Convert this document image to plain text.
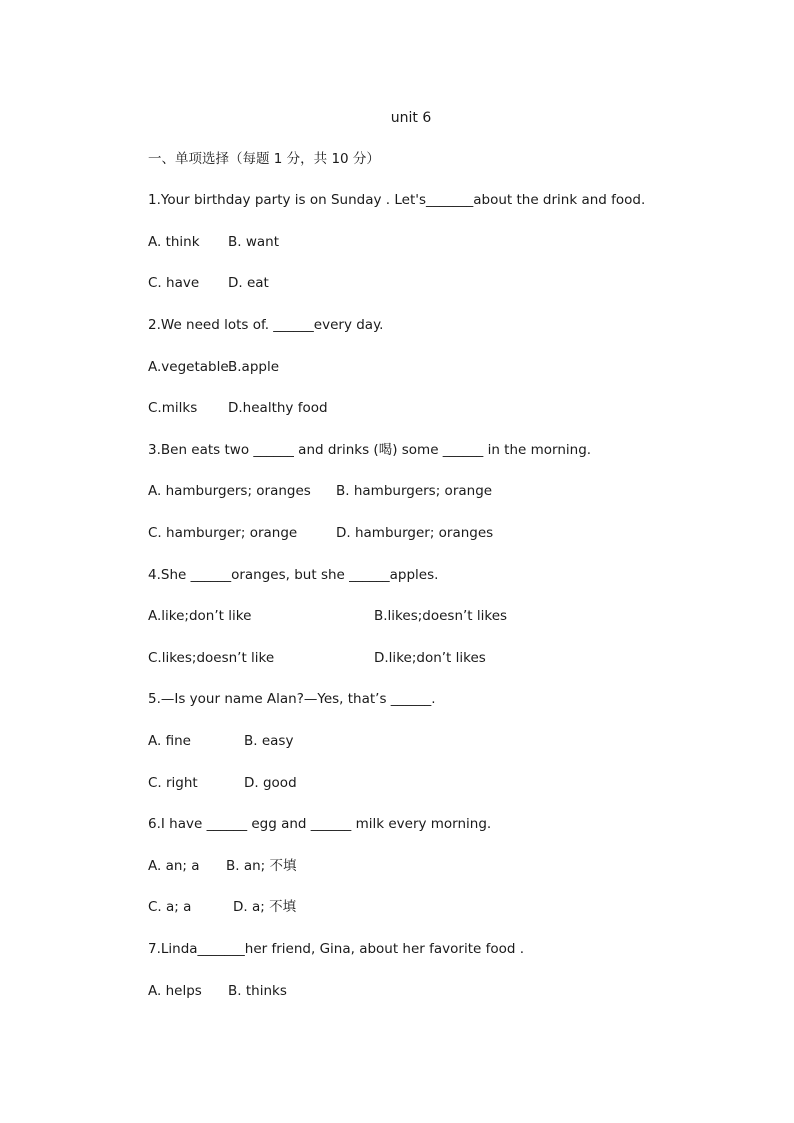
unit 6
一、单项选择（每题 1 分，共 10 分）
1.Your birthday party is on Sunday . Let's_______about the drink and food.
A. think B. want
C. have D. eat
2.We need lots of. ______every day.
A.vegetable B.apple
C.milks D.healthy food
3.Ben eats two ______ and drinks (喝) some ______ in the morning.
A. hamburgers; oranges B. hamburgers; orange
C. hamburger; orange	D. hamburger; oranges
4.She ______oranges, but she ______apples.
A.like;don’t like	B.likes;doesn’t likes
C.likes;doesn’t like	D.like;don’t likes
5.—Is your name Alan?—Yes, that’s ______.
A. fine	B. easy
C. right	D. good
6.I have ______ egg and ______ milk every morning.
A. an; a B. an; 不填
C. a; a	D. a; 不填
7.Linda_______her friend, Gina, about her favorite food .
A. helps B. thinks
